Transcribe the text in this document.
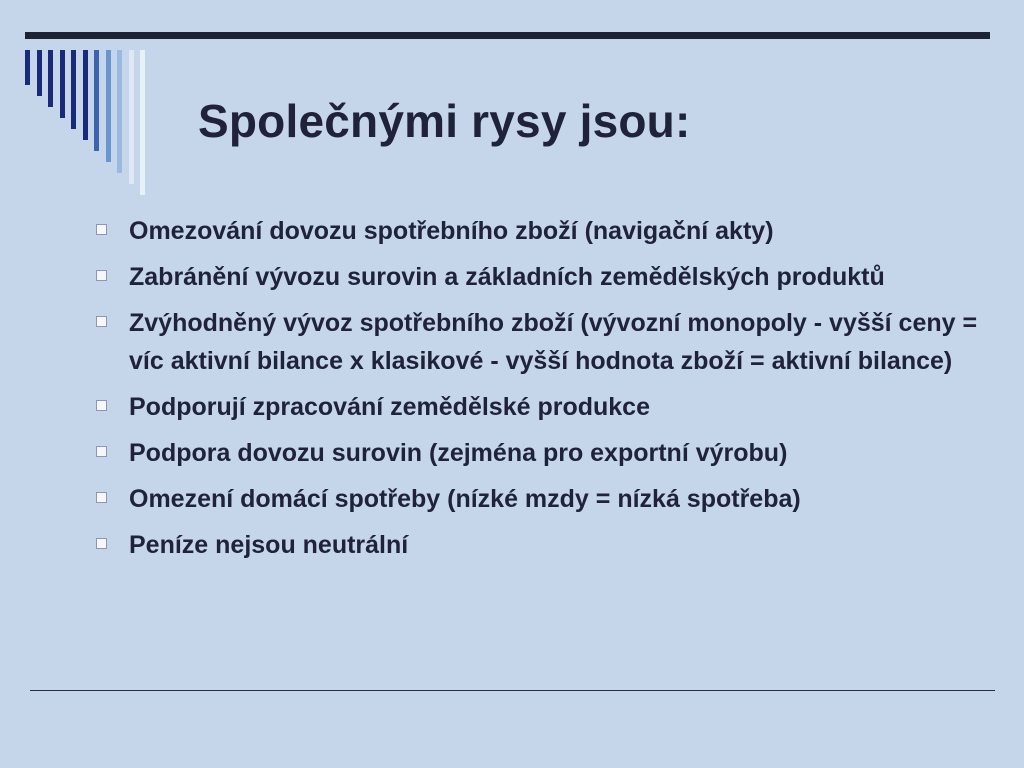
Společnými rysy jsou:
Omezování dovozu spotřebního zboží (navigační akty)
Zabránění vývozu surovin a základních zemědělských produktů
Zvýhodněný vývoz spotřebního zboží (vývozní monopoly - vyšší ceny = víc aktivní bilance x klasikové - vyšší hodnota zboží = aktivní bilance)
Podporují zpracování zemědělské produkce
Podpora dovozu surovin (zejména pro exportní výrobu)
Omezení domácí spotřeby (nízké mzdy = nízká spotřeba)
Peníze nejsou neutrální
